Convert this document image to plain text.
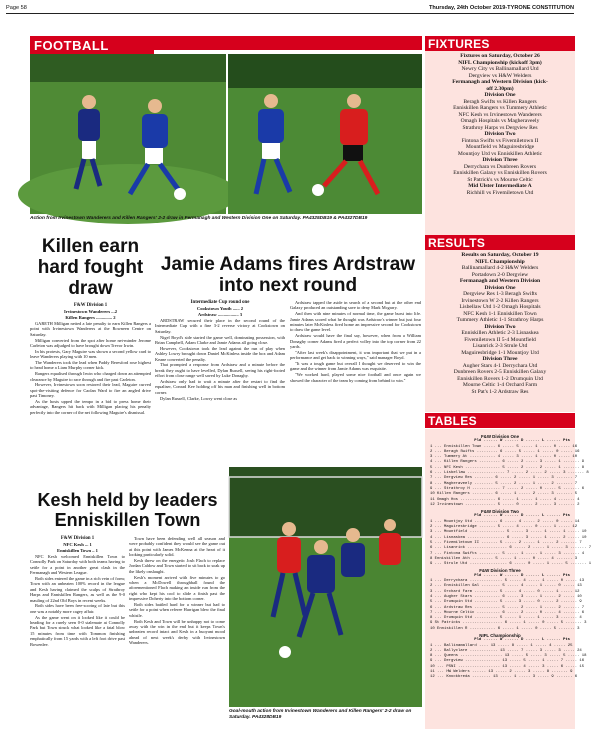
Page 58	Thursday, 24th October 2019-TYRONE CONSTITUTION
FOOTBALL
Action from Irvinestown Wanderers and Killen Rangers' 2-2 draw in Fermanagh and Western Division One on Saturday. PA4325DB19 & PA4327DB19
Killen earn hard fought draw

F&W Division 1

Irvinestown Wanderers ...2

Killen Rangers .............. 2

GARETH Milligan netted a late penalty to earn Killen Rangers a point with Irvinestown Wanderers at the Rowneen Centre on Saturday.

Milligan converted from the spot after home net-minder Jerome Carleton was adjudged to have brought down Trevor Irwin.

In his protests, Gary Maguire was shown a second yellow card to leave Wanderers playing with 10 men.

The Wanderers took the lead when Paddy Beresford rose highest to head home a Liam Murphy corner kick.

Rangers equalised through Irwin who charged down an attempted clearance by Maguire to race through and fire past Carleton.

However, Irvinestown soon restored their lead, Maguire curved spot-the-visiting defence for Caolan Ward to fire an angled drive past Timoney.

As the hosts upped the tempo in a bid to press home their advantage, Rangers hit back with Milligan placing his penalty perfectly into the corner of the net following Maguire's dismissal.

Jamie Adams fires Ardstraw into next round

Intermediate Cup round one

Cookstown Youth ...... 2

Ardstraw .................. 3

ARDSTRAW secured their place in the second round of the Intermediate Cup with a fine 3-2 reverse victory at Cookstown on Saturday.

Nigel Boyd's side started the game well, dominating possession, with Brian Campbell, Adam Clarke and Jamie Adams all going close.

However, Cookstown took the lead against the run of play when Ashley Lowry brought down Daniel McKinless inside the box and Adam Keane converted the penalty.

That prompted a response from Ardstraw and a minute before the break they ought to have levelled, Dylan Russell, seeing his right-footed effort from close range well saved by Luke Donaghy.

Ardstraw only had to wait a minute after the restart to find the equaliser, Conrad Kee holding off his man and finishing well in bottom corner.

Dylan Russell, Clarke, Lowry went close as

Ardstraw tapped the aside in search of a second but at the other end Galaxy produced an outstanding save to deny Mark Mcgarry.

And then with nine minutes of normal time, the game burst into life. Jamie Adams scored what he thought was Ardstraw's winner but just four minutes later McKinless fired home an impressive second for Cookstown to draw the game level.

Ardstraw would have the final say, however, when from a William Donaghy corner Adams fired a perfect volley into the top corner from 22 yards.

"After last week's disappointment, it was important that we put in a performance and get back to winning ways," said manager Boyd.

"It was a tough game but overall I thought we deserved to win the game and the winner from Jamie Adams was exquisite.

"We worked hard, played some nice football and once again we showed the character of the team by coming from behind to win."

Kesh held by leaders Enniskillen Town

F&W Division 1

NFC Kesh ... 1

Enniskillen Town .. 1

NFC Kesh welcomed Enniskillen Town to Connolly Park on Saturday with both teams having to settle for a point in another great clash in the Fermanagh and Western League.

Both sides entered the game in a rich vein of form; Town with an unbeaten 100% record in the league and Kesh having claimed the scalps of Strathroy Harps and Enniskillen Rangers, as well as the 9-0 mauling of 22nd Old Boys in recent weeks.

Both sides have been free-scoring of late but this one was a notably more cagey affair.

As the game went on it looked like it could be heading for a rarely seen 0-0 stalemate at Connolly Park but Town struck what looked like a fatal blow 15 minutes from time with Tommon finishing emphatically from 15 yards with a left foot drive past Bowenlee.

Town have been defending well all season and were probably confident they would see the game out at this point with James McKenna at the heart of it looking particularly solid.

Kesh threw on the energetic Josh Flach to replace Jordan Caldow and Town started to sit back to soak up the likely onslaught.

Kesh's moment arrived with five minutes to go when a McDowell throughball found the aforementioned Flach making an inside run from the right who kept his cool to slide a finish past the impressive Doherty into the bottom corner.

Both sides battled hard for a winner but had to settle for a point when referee Harrigan blew the final whistle.

Both Kesh and Town will be unhappy not to come away with the win in the end but it keeps Town's unbeaten record intact and Kesh in a buoyant mood ahead of next week's derby with Irvinestown Wanderers.

Goal-mouth action from Irvinestown Wanderers and Killen Rangers' 2-2 draw on Saturday. PA4328DB19
FIXTURES
Fixtures on Saturday, October 26
NIFL Championship (kickoff 3pm)
Newry City vs Ballinamallard Utd
Dergview vs H&W Welders
Fermanagh and Western Division (kick-
off 2.30pm)
Division One
Beragh Swifts vs Killen Rangers
Enniskillen Rangers vs Tummery Athletic
NFC Kesh vs Irvinestown Wanderers
Omagh Hospitals vs Magheraveely
Strathroy Harps vs Dergview Res
Division Two
Fintona Swifts vs Fivemiletown II
Mountfield vs Maguiresbridge
Mountjoy Utd vs Enniskillen Athletic
Division Three
Derrychara vs Dunbreen Rovers
Enniskillen Galaxy vs Enniskillen Rovers
St Patrick's vs Mourne Celtic
Mid Ulster Intermediate A
Richhill vs Fivemiletown Utd
RESULTS
Results on Saturday, October 19
NIFL Championship
Ballinamallard 4-2 H&W Welders
Portadown 2-0 Dergview
Fermanagh and Western Division
Division One
Dergview Res 1-3 Beragh Swifts
Irvinestown W 2-2 Killen Rangers
Lisbellaw Utd 1-2 Omagh Hospitals
NFC Kesh 1-1 Enniskillen Town
Tummery Athletic 1-1 Strathroy Harps
Division Two
Enniskillen Athletic 2-3 Lisnaskea
Fivemiletown II 5-4 Mountfield
Lisanrick 2-3 Strule Utd
Maguiresbridge 1-1 Mountjoy Utd
Division Three
Augher Stars 4-1 Derrychara Utd
Dunbreen Rovers 2-5 Enniskillen Galaxy
Enniskillen Rovers 1-2 Drumquin Utd
Mourne Celtic 1-4 Orchard Farm
St Pat's 1-2 Ardstraw Res
TABLES
F&W Division One
Pld ...... W ...... D ...... L ...... Pts
1 ... Enniskillen Town ..... 6 ..... 5 ..... 1 ..... 0 ..... 16
2 ... Beragh Swifts ......... 6 ..... 5 ..... 1 ..... 0 ..... 16
3 ... Tummery At ........... 4 ..... 3 ..... 1 ..... 0 ..... 10
4 ... Killen Rangers ......... 6 ..... 2 ..... 3 ..... 1 ....... 9
5 ... NFC Kesh ............... 5 ..... 2 ..... 2 ..... 1 ....... 8
6 ... Lisbellaw ................ 7 ..... 2 ..... 2 ..... 3 ....... 8
7 ... Dergview Res ........ 6 ..... 2 ..... 1 ..... 3 ....... 7
8 ... Magheraveely ........ 5 ..... 2 ..... 1 ..... 2 ....... 7
9 ... Strathroy H ............ 7 ..... 2 ..... 0 ..... 5 ....... 6
10 Killen Rangers ......... 6 ..... 1 ..... 2 ..... 3 ....... 5
11 Omagh Hos ............... 6 ..... 1 ..... 1 ..... 4 ....... 4
12 Irvinestown ............. 5 ..... 0 ..... 2 ..... 3 ....... 2
F&W Division Two
Pld ...... W ...... D ...... L ...... Pts
1 ... Mountjoy Utd .......... 6 ..... 4 ..... 2 ..... 0 ..... 14
2 ... Maguiresbridge ....... 5 ..... 4 ..... 0 ..... 1 ..... 12
3 ... Mountfield ............... 5 ..... 3 ..... 1 ..... 1 ..... 10
4 ... Lisnaskea ................ 6 ..... 3 ..... 1 ..... 2 ..... 10
5 ... Fivemiletown II ....... 5 ..... 2 ..... 1 ..... 2 ....... 7
6 ... Lisanrick ................. 6 ..... 2 ..... 1 ..... 3 ....... 7
7 ... Fintona Swifts ......... 5 ..... 1 ..... 1 ..... 3 ....... 4
8 Enniskillen Ath ......... 5 ..... 1 ..... 0 ..... 4 ....... 3
9 ... Strule Utd ................ 6 ..... 0 ..... 1 ..... 5 ....... 1
F&W Division Three
Pld ...... W ...... D ...... L ...... Pts
1 ... Derrychara .............. 5 ..... 4 ..... 1 ..... 0 ..... 13
2 ... Enniskillen Gal ........ 5 ..... 4 ..... 1 ..... 0 ..... 13
3 ... Orchard Farm .......... 5 ..... 4 ..... 0 ..... 1 ..... 12
4 ... Augher Stars ........... 6 ..... 3 ..... 1 ..... 2 ..... 10
5 ... Drumquin Utd .......... 5 ..... 3 ..... 0 ..... 2 ....... 9
6 ... Ardstraw Res ........... 5 ..... 2 ..... 1 ..... 2 ....... 7
7 ... Mourne Celtic .......... 6 ..... 2 ..... 0 ..... 4 ....... 6
8 ... Drumquin Utd .......... 5 ..... 1 ..... 1 ..... 3 ....... 4
9 St Patricks ................. 6 ..... 1 ..... 0 ..... 5 ....... 3
10 Enniskillen R ........... 6 ..... 1 ..... 0 ..... 5 ....... 3
NIFL Championship
Pld ...... W ...... D ...... L ...... Pts
1 ... Ballinamallard .... 13 ..... 8 ..... 1 ..... 4 ..... 25
2 ... Ballyclare ............ 13 ..... 7 ..... 3 ..... 3 ..... 24
8 ... Queens .................. 13 ..... 5 ..... 3 ..... 5 ..... 18
9 ... Dergview ............... 13 ..... 5 ..... 1 ..... 7 ..... 16
10 ... PSNI .................. 13 ..... 4 ..... 3 ..... 6 ..... 15
11 ... HW Welders ...... 13 ..... 2 ..... 3 ..... 8 ....... 9
12 ... Knockbreda ........ 13 ..... 1 ..... 3 ..... 9 ....... 6
